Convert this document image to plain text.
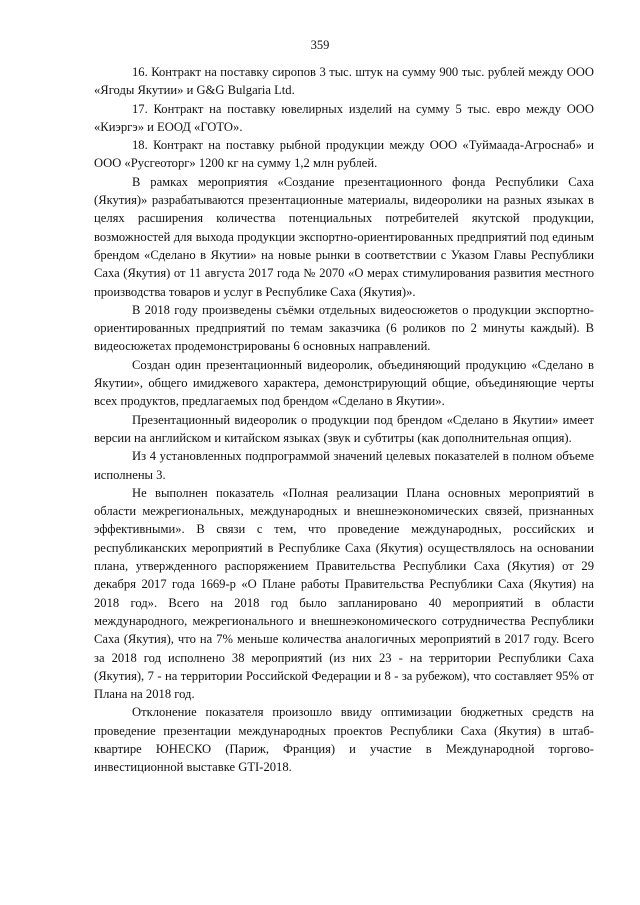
359

16. Контракт на поставку сиропов 3 тыс. штук на сумму 900 тыс. рублей между ООО «Ягоды Якутии» и G&G Bulgaria Ltd.

17. Контракт на поставку ювелирных изделий на сумму 5 тыс. евро между ООО «Киэргэ» и ЕООД «ГОТО».

18. Контракт на поставку рыбной продукции между ООО «Туймаада-Агроснаб» и ООО «Русгеоторг» 1200 кг на сумму 1,2 млн рублей.

В рамках мероприятия «Создание презентационного фонда Республики Саха (Якутия)» разрабатываются презентационные материалы, видеоролики на разных языках в целях расширения количества потенциальных потребителей якутской продукции, возможностей для выхода продукции экспортно-ориентированных предприятий под единым брендом «Сделано в Якутии» на новые рынки в соответствии с Указом Главы Республики Саха (Якутия) от 11 августа 2017 года № 2070 «О мерах стимулирования развития местного производства товаров и услуг в Республике Саха (Якутия)».

В 2018 году произведены съёмки отдельных видеосюжетов о продукции экспортно-ориентированных предприятий по темам заказчика (6 роликов по 2 минуты каждый). В видеосюжетах продемонстрированы 6 основных направлений.

Создан один презентационный видеоролик, объединяющий продукцию «Сделано в Якутии», общего имиджевого характера, демонстрирующий общие, объединяющие черты всех продуктов, предлагаемых под брендом «Сделано в Якутии».

Презентационный видеоролик о продукции под брендом «Сделано в Якутии» имеет версии на английском и китайском языках (звук и субтитры (как дополнительная опция).

Из 4 установленных подпрограммой значений целевых показателей в полном объеме исполнены 3.

Не выполнен показатель «Полная реализации Плана основных мероприятий в области межрегиональных, международных и внешнеэкономических связей, признанных эффективными». В связи с тем, что проведение международных, российских и республиканских мероприятий в Республике Саха (Якутия) осуществлялось на основании плана, утвержденного распоряжением Правительства Республики Саха (Якутия) от 29 декабря 2017 года 1669-р «О Плане работы Правительства Республики Саха (Якутия) на 2018 год». Всего на 2018 год было запланировано 40 мероприятий в области международного, межрегионального и внешнеэкономического сотрудничества Республики Саха (Якутия), что на 7% меньше количества аналогичных мероприятий в 2017 году. Всего за 2018 год исполнено 38 мероприятий (из них 23 - на территории Республики Саха (Якутия), 7 - на территории Российской Федерации и 8 - за рубежом), что составляет 95% от Плана на 2018 год.

Отклонение показателя произошло ввиду оптимизации бюджетных средств на проведение презентации международных проектов Республики Саха (Якутия) в штаб-квартире ЮНЕСКО (Париж, Франция) и участие в Международной торгово-инвестиционной выставке GTI-2018.
